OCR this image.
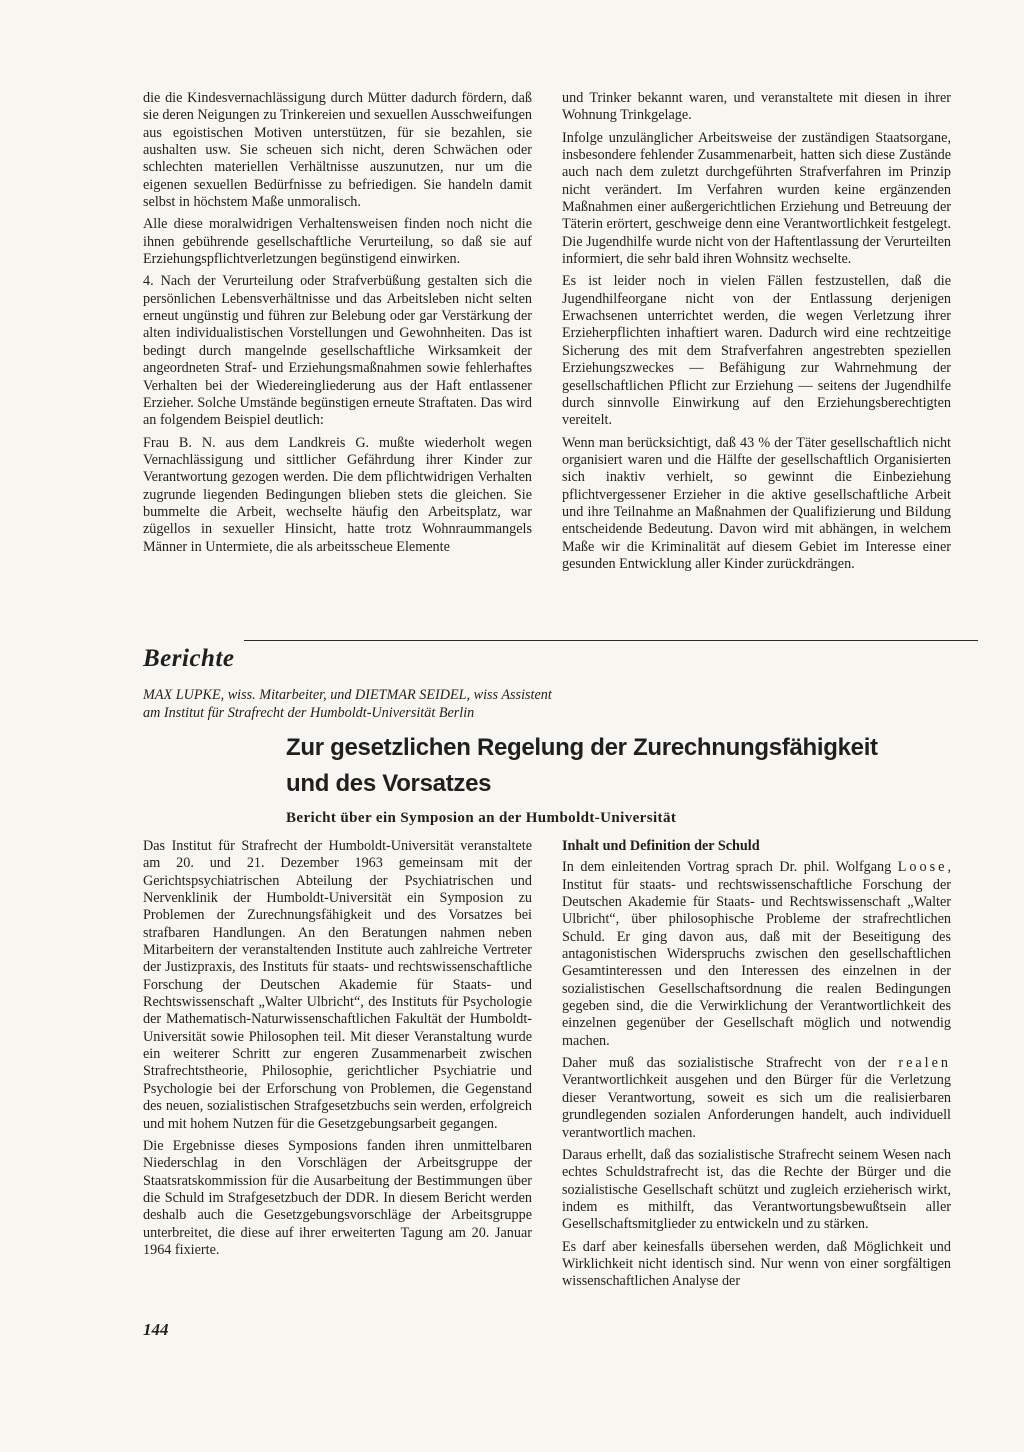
die die Kindesvernachlässigung durch Mütter dadurch fördern, daß sie deren Neigungen zu Trinkereien und sexuellen Ausschweifungen aus egoistischen Motiven unterstützen, für sie bezahlen, sie aushalten usw. Sie scheuen sich nicht, deren Schwächen oder schlechten materiellen Verhältnisse auszunutzen, nur um die eigenen sexuellen Bedürfnisse zu befriedigen. Sie handeln damit selbst in höchstem Maße unmoralisch.

Alle diese moralwidrigen Verhaltensweisen finden noch nicht die ihnen gebührende gesellschaftliche Verurteilung, so daß sie auf Erziehungspflichtverletzungen begünstigend einwirken.

4. Nach der Verurteilung oder Strafverbüßung gestalten sich die persönlichen Lebensverhältnisse und das Arbeitsleben nicht selten erneut ungünstig und führen zur Belebung oder gar Verstärkung der alten individualistischen Vorstellungen und Gewohnheiten. Das ist bedingt durch mangelnde gesellschaftliche Wirksamkeit der angeordneten Straf- und Erziehungsmaßnahmen sowie fehlerhaftes Verhalten bei der Wiedereingliederung aus der Haft entlassener Erzieher. Solche Umstände begünstigen erneute Straftaten. Das wird an folgendem Beispiel deutlich:

Frau B. N. aus dem Landkreis G. mußte wiederholt wegen Vernachlässigung und sittlicher Gefährdung ihrer Kinder zur Verantwortung gezogen werden. Die dem pflichtwidrigen Verhalten zugrunde liegenden Bedingungen blieben stets die gleichen. Sie bummelte die Arbeit, wechselte häufig den Arbeitsplatz, war zügellos in sexueller Hinsicht, hatte trotz Wohnraummangels Männer in Untermiete, die als arbeitsscheue Elemente

und Trinker bekannt waren, und veranstaltete mit diesen in ihrer Wohnung Trinkgelage.

Infolge unzulänglicher Arbeitsweise der zuständigen Staatsorgane, insbesondere fehlender Zusammenarbeit, hatten sich diese Zustände auch nach dem zuletzt durchgeführten Strafverfahren im Prinzip nicht verändert. Im Verfahren wurden keine ergänzenden Maßnahmen einer außergerichtlichen Erziehung und Betreuung der Täterin erörtert, geschweige denn eine Verantwortlichkeit festgelegt. Die Jugendhilfe wurde nicht von der Haftentlassung der Verurteilten informiert, die sehr bald ihren Wohnsitz wechselte.

Es ist leider noch in vielen Fällen festzustellen, daß die Jugendhilfeorgane nicht von der Entlassung derjenigen Erwachsenen unterrichtet werden, die wegen Verletzung ihrer Erzieherpflichten inhaftiert waren. Dadurch wird eine rechtzeitige Sicherung des mit dem Strafverfahren angestrebten speziellen Erziehungszweckes — Befähigung zur Wahrnehmung der gesellschaftlichen Pflicht zur Erziehung — seitens der Jugendhilfe durch sinnvolle Einwirkung auf den Erziehungsberechtigten vereitelt.

Wenn man berücksichtigt, daß 43 % der Täter gesellschaftlich nicht organisiert waren und die Hälfte der gesellschaftlich Organisierten sich inaktiv verhielt, so gewinnt die Einbeziehung pflichtvergessener Erzieher in die aktive gesellschaftliche Arbeit und ihre Teilnahme an Maßnahmen der Qualifizierung und Bildung entscheidende Bedeutung. Davon wird mit abhängen, in welchem Maße wir die Kriminalität auf diesem Gebiet im Interesse einer gesunden Entwicklung aller Kinder zurückdrängen.

Berichte
MAX LUPKE, wiss. Mitarbeiter, und DIETMAR SEIDEL, wiss Assistent
am Institut für Strafrecht der Humboldt-Universität Berlin
Zur gesetzlichen Regelung der Zurechnungsfähigkeit
und des Vorsatzes
Bericht über ein Symposion an der Humboldt-Universität

Das Institut für Strafrecht der Humboldt-Universität veranstaltete am 20. und 21. Dezember 1963 gemeinsam mit der Gerichtspsychiatrischen Abteilung der Psychiatrischen und Nervenklinik der Humboldt-Universität ein Symposion zu Problemen der Zurechnungsfähigkeit und des Vorsatzes bei strafbaren Handlungen. An den Beratungen nahmen neben Mitarbeitern der veranstaltenden Institute auch zahlreiche Vertreter der Justizpraxis, des Instituts für staats- und rechtswissenschaftliche Forschung der Deutschen Akademie für Staats- und Rechtswissenschaft „Walter Ulbricht“, des Instituts für Psychologie der Mathematisch-Naturwissenschaftlichen Fakultät der Humboldt-Universität sowie Philosophen teil. Mit dieser Veranstaltung wurde ein weiterer Schritt zur engeren Zusammenarbeit zwischen Strafrechtstheorie, Philosophie, gerichtlicher Psychiatrie und Psychologie bei der Erforschung von Problemen, die Gegenstand des neuen, sozialistischen Strafgesetzbuchs sein werden, erfolgreich und mit hohem Nutzen für die Gesetzgebungsarbeit gegangen.

Die Ergebnisse dieses Symposions fanden ihren unmittelbaren Niederschlag in den Vorschlägen der Arbeitsgruppe der Staatsratskommission für die Ausarbeitung der Bestimmungen über die Schuld im Strafgesetzbuch der DDR. In diesem Bericht werden deshalb auch die Gesetzgebungsvorschläge der Arbeitsgruppe unterbreitet, die diese auf ihrer erweiterten Tagung am 20. Januar 1964 fixierte.

Inhalt und Definition der Schuld

In dem einleitenden Vortrag sprach Dr. phil. Wolfgang Loose, Institut für staats- und rechtswissenschaftliche Forschung der Deutschen Akademie für Staats- und Rechtswissenschaft „Walter Ulbricht“, über philosophische Probleme der strafrechtlichen Schuld. Er ging davon aus, daß mit der Beseitigung des antagonistischen Widerspruchs zwischen den gesellschaftlichen Gesamtinteressen und den Interessen des einzelnen in der sozialistischen Gesellschaftsordnung die realen Bedingungen gegeben sind, die die Verwirklichung der Verantwortlichkeit des einzelnen gegenüber der Gesellschaft möglich und notwendig machen.

Daher muß das sozialistische Strafrecht von der realen Verantwortlichkeit ausgehen und den Bürger für die Verletzung dieser Verantwortung, soweit es sich um die realisierbaren grundlegenden sozialen Anforderungen handelt, auch individuell verantwortlich machen.

Daraus erhellt, daß das sozialistische Strafrecht seinem Wesen nach echtes Schuldstrafrecht ist, das die Rechte der Bürger und die sozialistische Gesellschaft schützt und zugleich erzieherisch wirkt, indem es mithilft, das Verantwortungsbewußtsein aller Gesellschaftsmitglieder zu entwickeln und zu stärken.

Es darf aber keinesfalls übersehen werden, daß Möglichkeit und Wirklichkeit nicht identisch sind. Nur wenn von einer sorgfältigen wissenschaftlichen Analyse der

144
